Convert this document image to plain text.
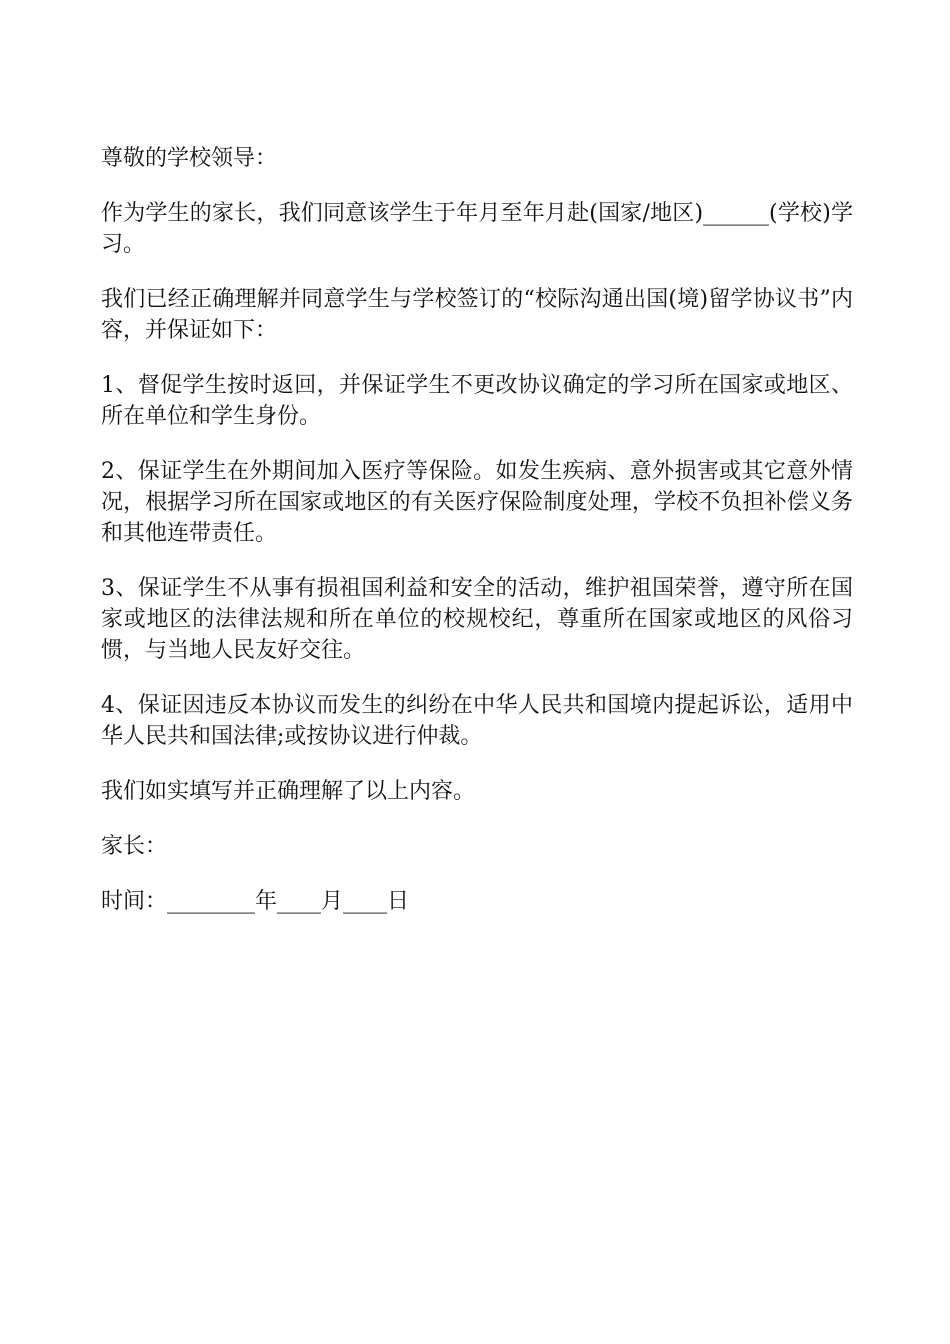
尊敬的学校领导：

作为学生的家长，我们同意该学生于年月至年月赴(国家/地区)______(学校)学习。

我们已经正确理解并同意学生与学校签订的“校际沟通出国(境)留学协议书”内容，并保证如下：

1、督促学生按时返回，并保证学生不更改协议确定的学习所在国家或地区、所在单位和学生身份。

2、保证学生在外期间加入医疗等保险。如发生疾病、意外损害或其它意外情况，根据学习所在国家或地区的有关医疗保险制度处理，学校不负担补偿义务和其他连带责任。

3、保证学生不从事有损祖国利益和安全的活动，维护祖国荣誉，遵守所在国家或地区的法律法规和所在单位的校规校纪，尊重所在国家或地区的风俗习惯，与当地人民友好交往。

4、保证因违反本协议而发生的纠纷在中华人民共和国境内提起诉讼，适用中华人民共和国法律;或按协议进行仲裁。

我们如实填写并正确理解了以上内容。

家长：

时间：________年____月____日
